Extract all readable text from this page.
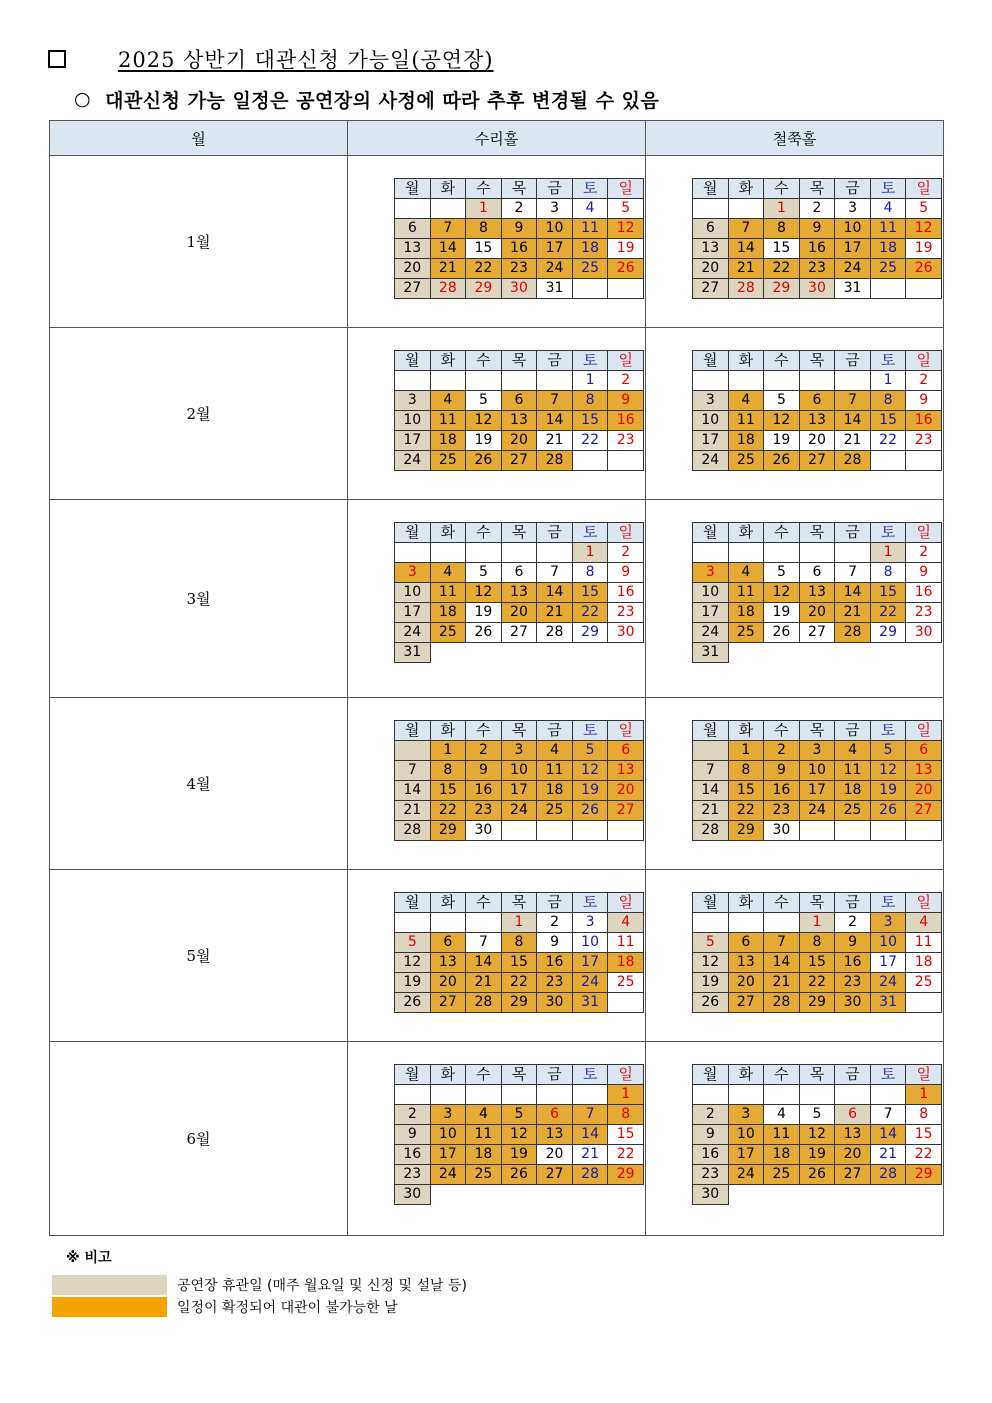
2025 상반기 대관신청 가능일(공연장)
○ 대관신청 가능 일정은 공연장의 사정에 따라 추후 변경될 수 있음
월	수리홀	철쭉홀
1월	
월	화	수	목	금	토	일
		1	2	3	4	5
6	7	8	9	10	11	12
13	14	15	16	17	18	19
20	21	22	23	24	25	26
27	28	29	30	31		

월	화	수	목	금	토	일
		1	2	3	4	5
6	7	8	9	10	11	12
13	14	15	16	17	18	19
20	21	22	23	24	25	26
27	28	29	30	31		

2월	
월	화	수	목	금	토	일
					1	2
3	4	5	6	7	8	9
10	11	12	13	14	15	16
17	18	19	20	21	22	23
24	25	26	27	28		

월	화	수	목	금	토	일
					1	2
3	4	5	6	7	8	9
10	11	12	13	14	15	16
17	18	19	20	21	22	23
24	25	26	27	28		

3월	
월	화	수	목	금	토	일
					1	2
3	4	5	6	7	8	9
10	11	12	13	14	15	16
17	18	19	20	21	22	23
24	25	26	27	28	29	30
31

월	화	수	목	금	토	일
					1	2
3	4	5	6	7	8	9
10	11	12	13	14	15	16
17	18	19	20	21	22	23
24	25	26	27	28	29	30
31

4월	
월	화	수	목	금	토	일
	1	2	3	4	5	6
7	8	9	10	11	12	13
14	15	16	17	18	19	20
21	22	23	24	25	26	27
28	29	30				

월	화	수	목	금	토	일
	1	2	3	4	5	6
7	8	9	10	11	12	13
14	15	16	17	18	19	20
21	22	23	24	25	26	27
28	29	30				

5월	
월	화	수	목	금	토	일
			1	2	3	4
5	6	7	8	9	10	11
12	13	14	15	16	17	18
19	20	21	22	23	24	25
26	27	28	29	30	31	

월	화	수	목	금	토	일
			1	2	3	4
5	6	7	8	9	10	11
12	13	14	15	16	17	18
19	20	21	22	23	24	25
26	27	28	29	30	31	

6월	
월	화	수	목	금	토	일
						1
2	3	4	5	6	7	8
9	10	11	12	13	14	15
16	17	18	19	20	21	22
23	24	25	26	27	28	29
30

월	화	수	목	금	토	일
						1
2	3	4	5	6	7	8
9	10	11	12	13	14	15
16	17	18	19	20	21	22
23	24	25	26	27	28	29
30
※ 비고
공연장 휴관일 (매주 월요일 및 신정 및 설날 등)
일정이 확정되어 대관이 불가능한 날
